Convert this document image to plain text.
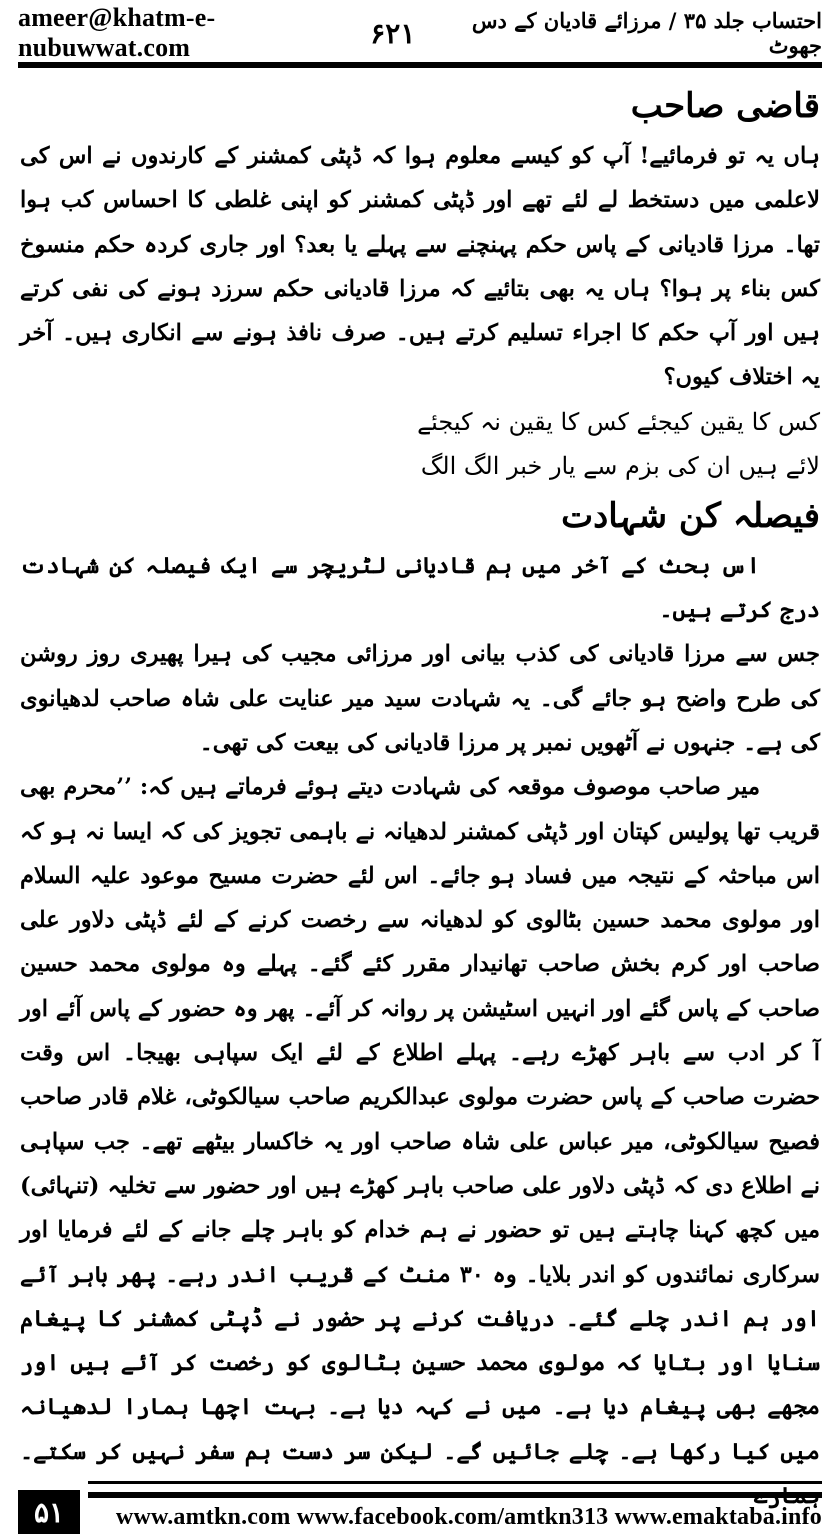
ameer@khatm-e-nubuwwat.com
احتساب جلد ۳۵ / مرزائے قادیان کے دس جھوٹ
۶۲۱
قاضی صاحب

ہاں یہ تو فرمائیے! آپ کو کیسے معلوم ہوا کہ ڈپٹی کمشنر کے کارندوں نے اس کی لاعلمی میں دستخط لے لئے تھے اور ڈپٹی کمشنر کو اپنی غلطی کا احساس کب ہوا تھا۔ مرزا قادیانی کے پاس حکم پہنچنے سے پہلے یا بعد؟ اور جاری کردہ حکم منسوخ کس بناء پر ہوا؟ ہاں یہ بھی بتائیے کہ مرزا قادیانی حکم سرزد ہونے کی نفی کرتے ہیں اور آپ حکم کا اجراء تسلیم کرتے ہیں۔ صرف نافذ ہونے سے انکاری ہیں۔ آخر یہ اختلاف کیوں؟

کس کا یقین کیجئے کس کا یقین نہ کیجئے

لائے ہیں ان کی بزم سے یار خبر الگ الگ

فیصلہ کن شہادت

اس بحث کے آخر میں ہم قادیانی لٹریچر سے ایک فیصلہ کن شہادت درج کرتے ہیں۔

جس سے مرزا قادیانی کی کذب بیانی اور مرزائی مجیب کی ہیرا پھیری روز روشن کی طرح واضح ہو جائے گی۔ یہ شہادت سید میر عنایت علی شاہ صاحب لدھیانوی کی ہے۔ جنہوں نے آٹھویں نمبر پر مرزا قادیانی کی بیعت کی تھی۔

میر صاحب موصوف موقعہ کی شہادت دیتے ہوئے فرماتے ہیں کہ: ’’محرم بھی قریب تھا پولیس کپتان اور ڈپٹی کمشنر لدھیانہ نے باہمی تجویز کی کہ ایسا نہ ہو کہ اس مباحثہ کے نتیجہ میں فساد ہو جائے۔ اس لئے حضرت مسیح موعود علیہ السلام اور مولوی محمد حسین بٹالوی کو لدھیانہ سے رخصت کرنے کے لئے ڈپٹی دلاور علی صاحب اور کرم بخش صاحب تھانیدار مقرر کئے گئے۔ پہلے وہ مولوی محمد حسین صاحب کے پاس گئے اور انہیں اسٹیشن پر روانہ کر آئے۔ پھر وہ حضور کے پاس آئے اور آ کر ادب سے باہر کھڑے رہے۔ پہلے اطلاع کے لئے ایک سپاہی بھیجا۔ اس وقت حضرت صاحب کے پاس حضرت مولوی عبدالکریم صاحب سیالکوٹی، غلام قادر صاحب فصیح سیالکوٹی، میر عباس علی شاہ صاحب اور یہ خاکسار بیٹھے تھے۔ جب سپاہی نے اطلاع دی کہ ڈپٹی دلاور علی صاحب باہر کھڑے ہیں اور حضور سے تخلیہ (تنہائی) میں کچھ کہنا چاہتے ہیں تو حضور نے ہم خدام کو باہر چلے جانے کے لئے فرمایا اور سرکاری نمائندوں کو اندر بلایا۔ وہ ۳۰ منٹ کے قریب اندر رہے۔ پھر باہر آئے اور ہم اندر چلے گئے۔ دریافت کرنے پر حضور نے ڈپٹی کمشنر کا پیغام سنایا اور بتایا کہ مولوی محمد حسین بٹالوی کو رخصت کر آئے ہیں اور مجھے بھی پیغام دیا ہے۔ میں نے کہہ دیا ہے۔ بہت اچھا ہمارا لدھیانہ میں کیا رکھا ہے۔ چلے جائیں گے۔ لیکن سر دست ہم سفر نہیں کر سکتے۔

۵۱	www.amtkn.com www.facebook.com/amtkn313 www.emaktaba.info
